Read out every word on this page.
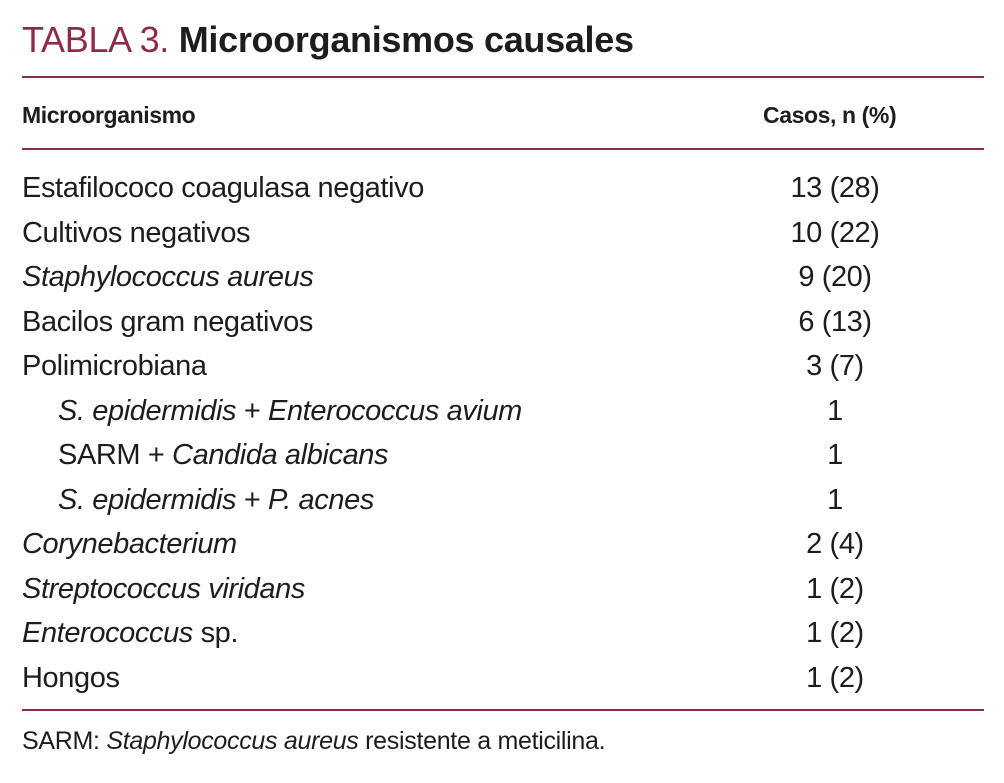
TABLA 3. Microorganismos causales
Microorganismo	Casos, n (%)
Estafilococo coagulasa negativo	13 (28)
Cultivos negativos	10 (22)
Staphylococcus aureus	9 (20)
Bacilos gram negativos	6 (13)
Polimicrobiana	3 (7)
S. epidermidis + Enterococcus avium	1
SARM + Candida albicans	1
S. epidermidis + P. acnes	1
Corynebacterium	2 (4)
Streptococcus viridans	1 (2)
Enterococcus sp.	1 (2)
Hongos	1 (2)
SARM: Staphylococcus aureus resistente a meticilina.
